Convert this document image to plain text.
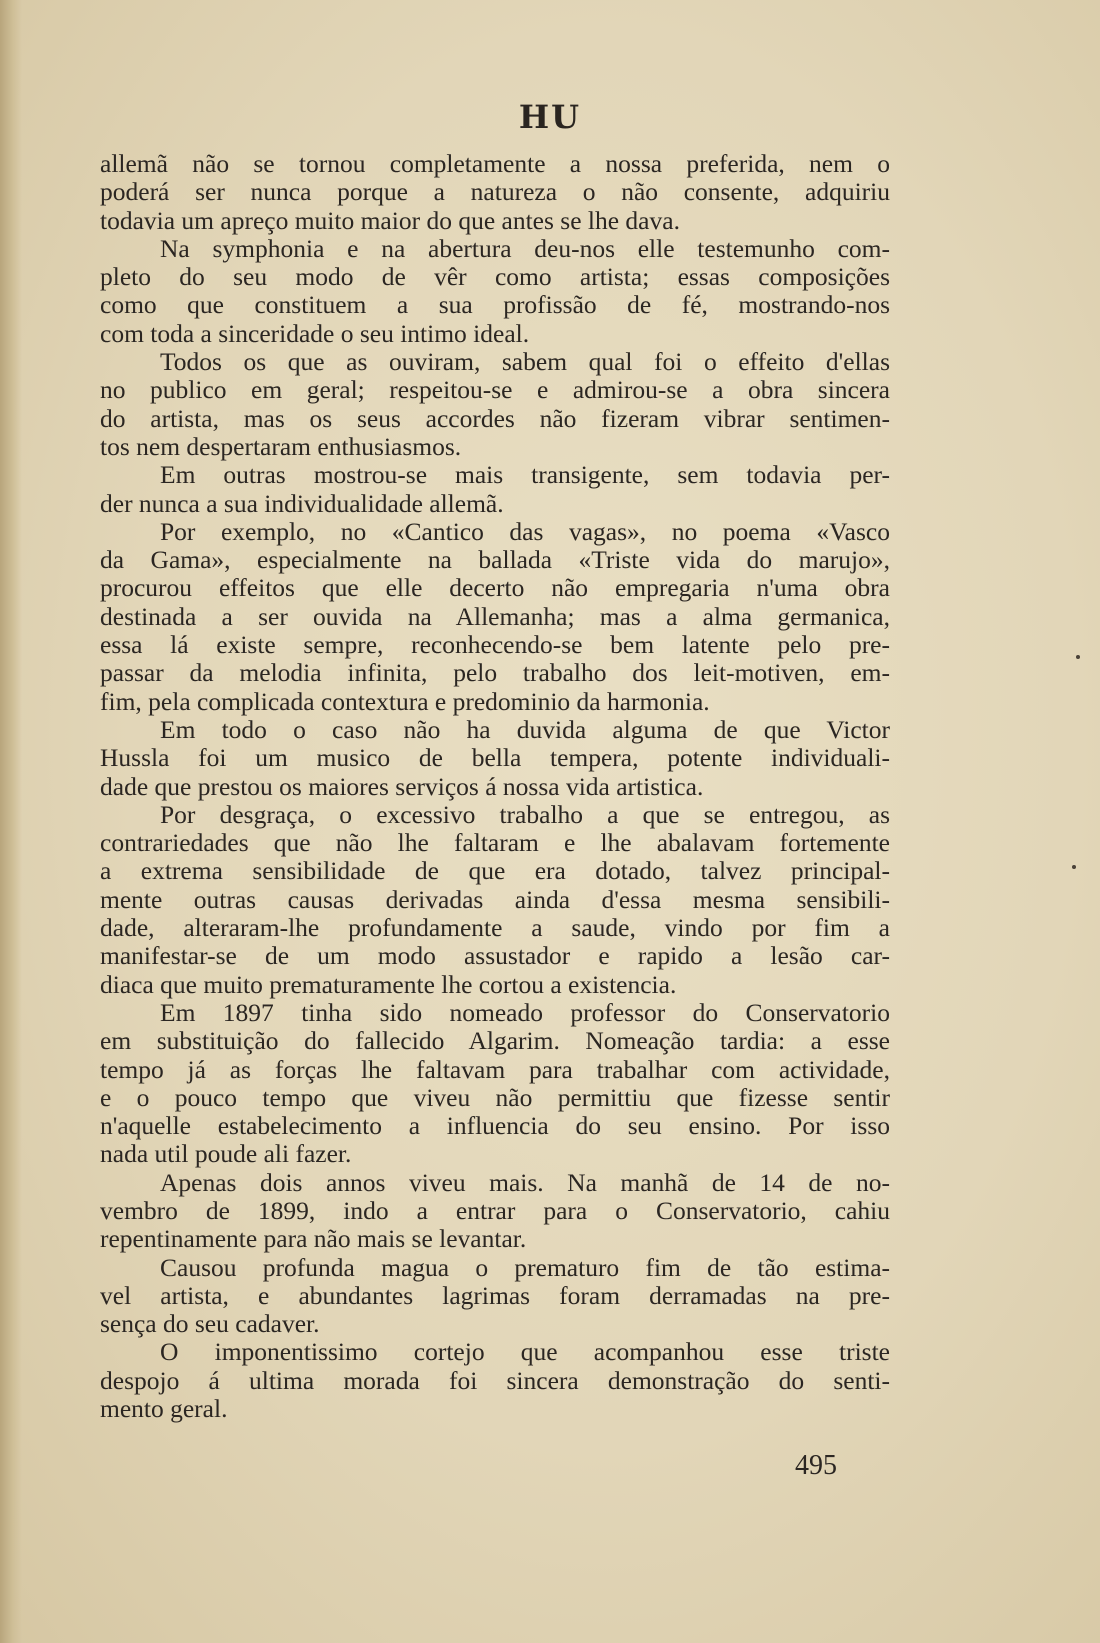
HU
allemã não se tornou completamente a nossa preferida, nem o
poderá ser nunca porque a natureza o não consente, adquiriu
todavia um apreço muito maior do que antes se lhe dava.
Na symphonia e na abertura deu-nos elle testemunho com-
pleto do seu modo de vêr como artista; essas composições
como que constituem a sua profissão de fé, mostrando-nos
com toda a sinceridade o seu intimo ideal.
Todos os que as ouviram, sabem qual foi o effeito d'ellas
no publico em geral; respeitou-se e admirou-se a obra sincera
do artista, mas os seus accordes não fizeram vibrar sentimen-
tos nem despertaram enthusiasmos.
Em outras mostrou-se mais transigente, sem todavia per-
der nunca a sua individualidade allemã.
Por exemplo, no «Cantico das vagas», no poema «Vasco
da Gama», especialmente na ballada «Triste vida do marujo»,
procurou effeitos que elle decerto não empregaria n'uma obra
destinada a ser ouvida na Allemanha; mas a alma germanica,
essa lá existe sempre, reconhecendo-se bem latente pelo pre-
passar da melodia infinita, pelo trabalho dos leit-motiven, em-
fim, pela complicada contextura e predominio da harmonia.
Em todo o caso não ha duvida alguma de que Victor
Hussla foi um musico de bella tempera, potente individuali-
dade que prestou os maiores serviços á nossa vida artistica.
Por desgraça, o excessivo trabalho a que se entregou, as
contrariedades que não lhe faltaram e lhe abalavam fortemente
a extrema sensibilidade de que era dotado, talvez principal-
mente outras causas derivadas ainda d'essa mesma sensibili-
dade, alteraram-lhe profundamente a saude, vindo por fim a
manifestar-se de um modo assustador e rapido a lesão car-
diaca que muito prematuramente lhe cortou a existencia.
Em 1897 tinha sido nomeado professor do Conservatorio
em substituição do fallecido Algarim. Nomeação tardia: a esse
tempo já as forças lhe faltavam para trabalhar com actividade,
e o pouco tempo que viveu não permittiu que fizesse sentir
n'aquelle estabelecimento a influencia do seu ensino. Por isso
nada util poude ali fazer.
Apenas dois annos viveu mais. Na manhã de 14 de no-
vembro de 1899, indo a entrar para o Conservatorio, cahiu
repentinamente para não mais se levantar.
Causou profunda magua o prematuro fim de tão estima-
vel artista, e abundantes lagrimas foram derramadas na pre-
sença do seu cadaver.
O imponentissimo cortejo que acompanhou esse triste
despojo á ultima morada foi sincera demonstração do senti-
mento geral.
495
